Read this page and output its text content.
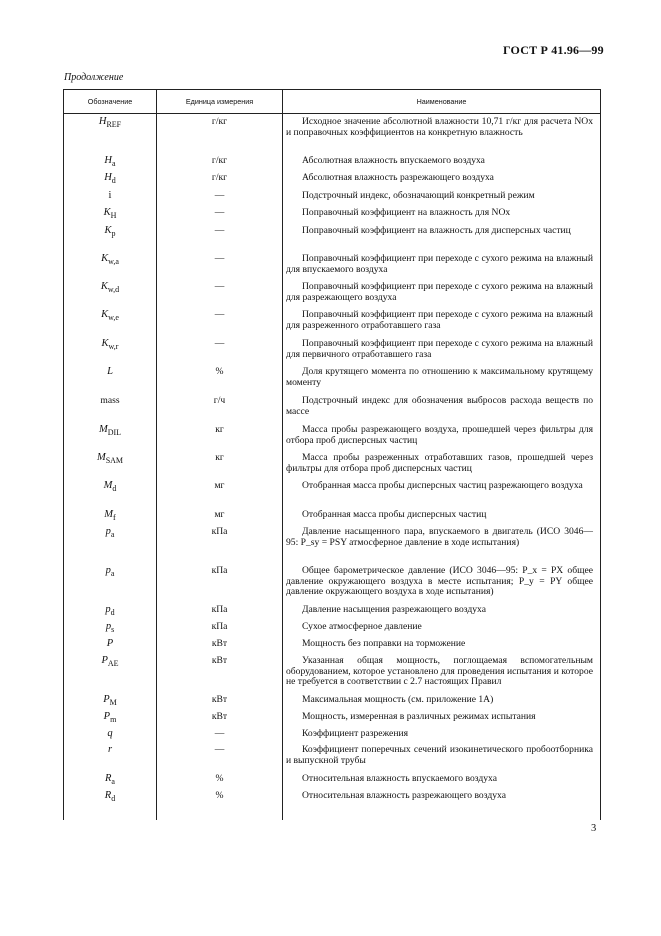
ГОСТ Р 41.96—99
Продолжение
Обозначение	Единица измерения	Наименование
$H_{REF}$	г/кг	Исходное значение абсолютной влажности 10,71 г/кг для расчета NOx и поправочных коэффициентов на конкретную влажность
$H_a$	г/кг	Абсолютная влажность впускаемого воздуха
$H_d$	г/кг	Абсолютная влажность разрежающего воздуха
i	—	Подстрочный индекс, обозначающий конкретный режим
$K_H$	—	Поправочный коэффициент на влажность для NOx
$K_p$	—	Поправочный коэффициент на влажность для дисперсных частиц
$K_{w,a}$	—	Поправочный коэффициент при переходе с сухого режима на влажный для впускаемого воздуха
$K_{w,d}$	—	Поправочный коэффициент при переходе с сухого режима на влажный для разрежающего воздуха
$K_{w,e}$	—	Поправочный коэффициент при переходе с сухого режима на влажный для разреженного отработавшего газа
$K_{w,r}$	—	Поправочный коэффициент при переходе с сухого режима на влажный для первичного отработавшего газа
L	%	Доля крутящего момента по отношению к максимальному крутящему моменту
mass	г/ч	Подстрочный индекс для обозначения выбросов расхода веществ по массе
$M_{DIL}$	кг	Масса пробы разрежающего воздуха, прошедшей через фильтры для отбора проб дисперсных частиц
$M_{SAM}$	кг	Масса пробы разреженных отработавших газов, прошедшей через фильтры для отбора проб дисперсных частиц
$M_d$	мг	Отобранная масса пробы дисперсных частиц разрежающего воздуха
$M_f$	мг	Отобранная масса пробы дисперсных частиц
$p_a$	кПа	Давление насыщенного пара, впускаемого в двигатель (ИСО 3046—95: P_sy = PSY атмосферное давление в ходе испытания)
$p_a$	кПа	Общее барометрическое давление (ИСО 3046—95: P_x = PX общее давление окружающего воздуха в месте испытания; P_y = PY общее давление окружающего воздуха в ходе испытания)
$p_d$	кПа	Давление насыщения разрежающего воздуха
$p_s$	кПа	Сухое атмосферное давление
P	кВт	Мощность без поправки на торможение
$P_{AE}$	кВт	Указанная общая мощность, поглощаемая вспомогательным оборудованием, которое установлено для проведения испытания и которое не требуется в соответствии с 2.7 настоящих Правил
$P_M$	кВт	Максимальная мощность (см. приложение 1А)
$P_m$	кВт	Мощность, измеренная в различных режимах испытания
q	—	Коэффициент разрежения
r	—	Коэффициент поперечных сечений изокинетического пробоотборника и выпускной трубы
$R_a$	%	Относительная влажность впускаемого воздуха
$R_d$	%	Относительная влажность разрежающего воздуха
3
